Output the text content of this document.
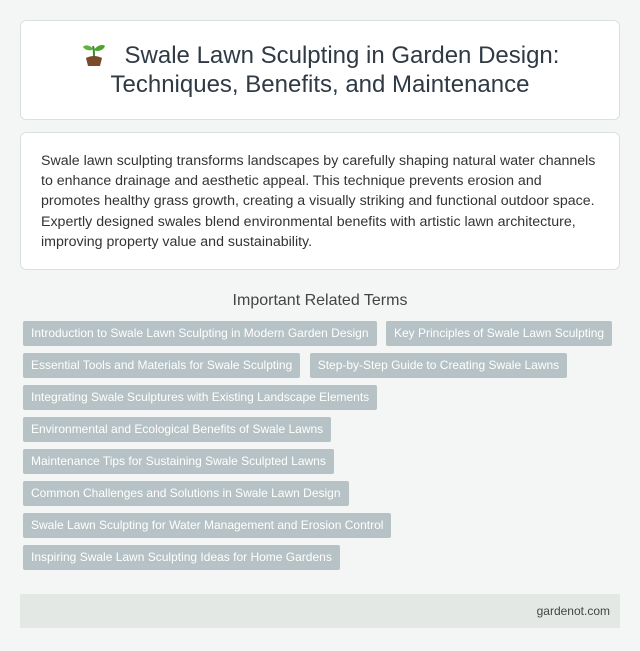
Swale Lawn Sculpting in Garden Design:
Techniques, Benefits, and Maintenance

Swale lawn sculpting transforms landscapes by carefully shaping natural water channels to enhance drainage and aesthetic appeal. This technique prevents erosion and promotes healthy grass growth, creating a visually striking and functional outdoor space. Expertly designed swales blend environmental benefits with artistic lawn architecture, improving property value and sustainability.

Important Related Terms
Introduction to Swale Lawn Sculpting in Modern Garden Design Key Principles of Swale Lawn Sculpting
Essential Tools and Materials for Swale Sculpting Step-by-Step Guide to Creating Swale Lawns
Integrating Swale Sculptures with Existing Landscape Elements
Environmental and Ecological Benefits of Swale Lawns
Maintenance Tips for Sustaining Swale Sculpted Lawns
Common Challenges and Solutions in Swale Lawn Design
Swale Lawn Sculpting for Water Management and Erosion Control
Inspiring Swale Lawn Sculpting Ideas for Home Gardens
gardenot.com
